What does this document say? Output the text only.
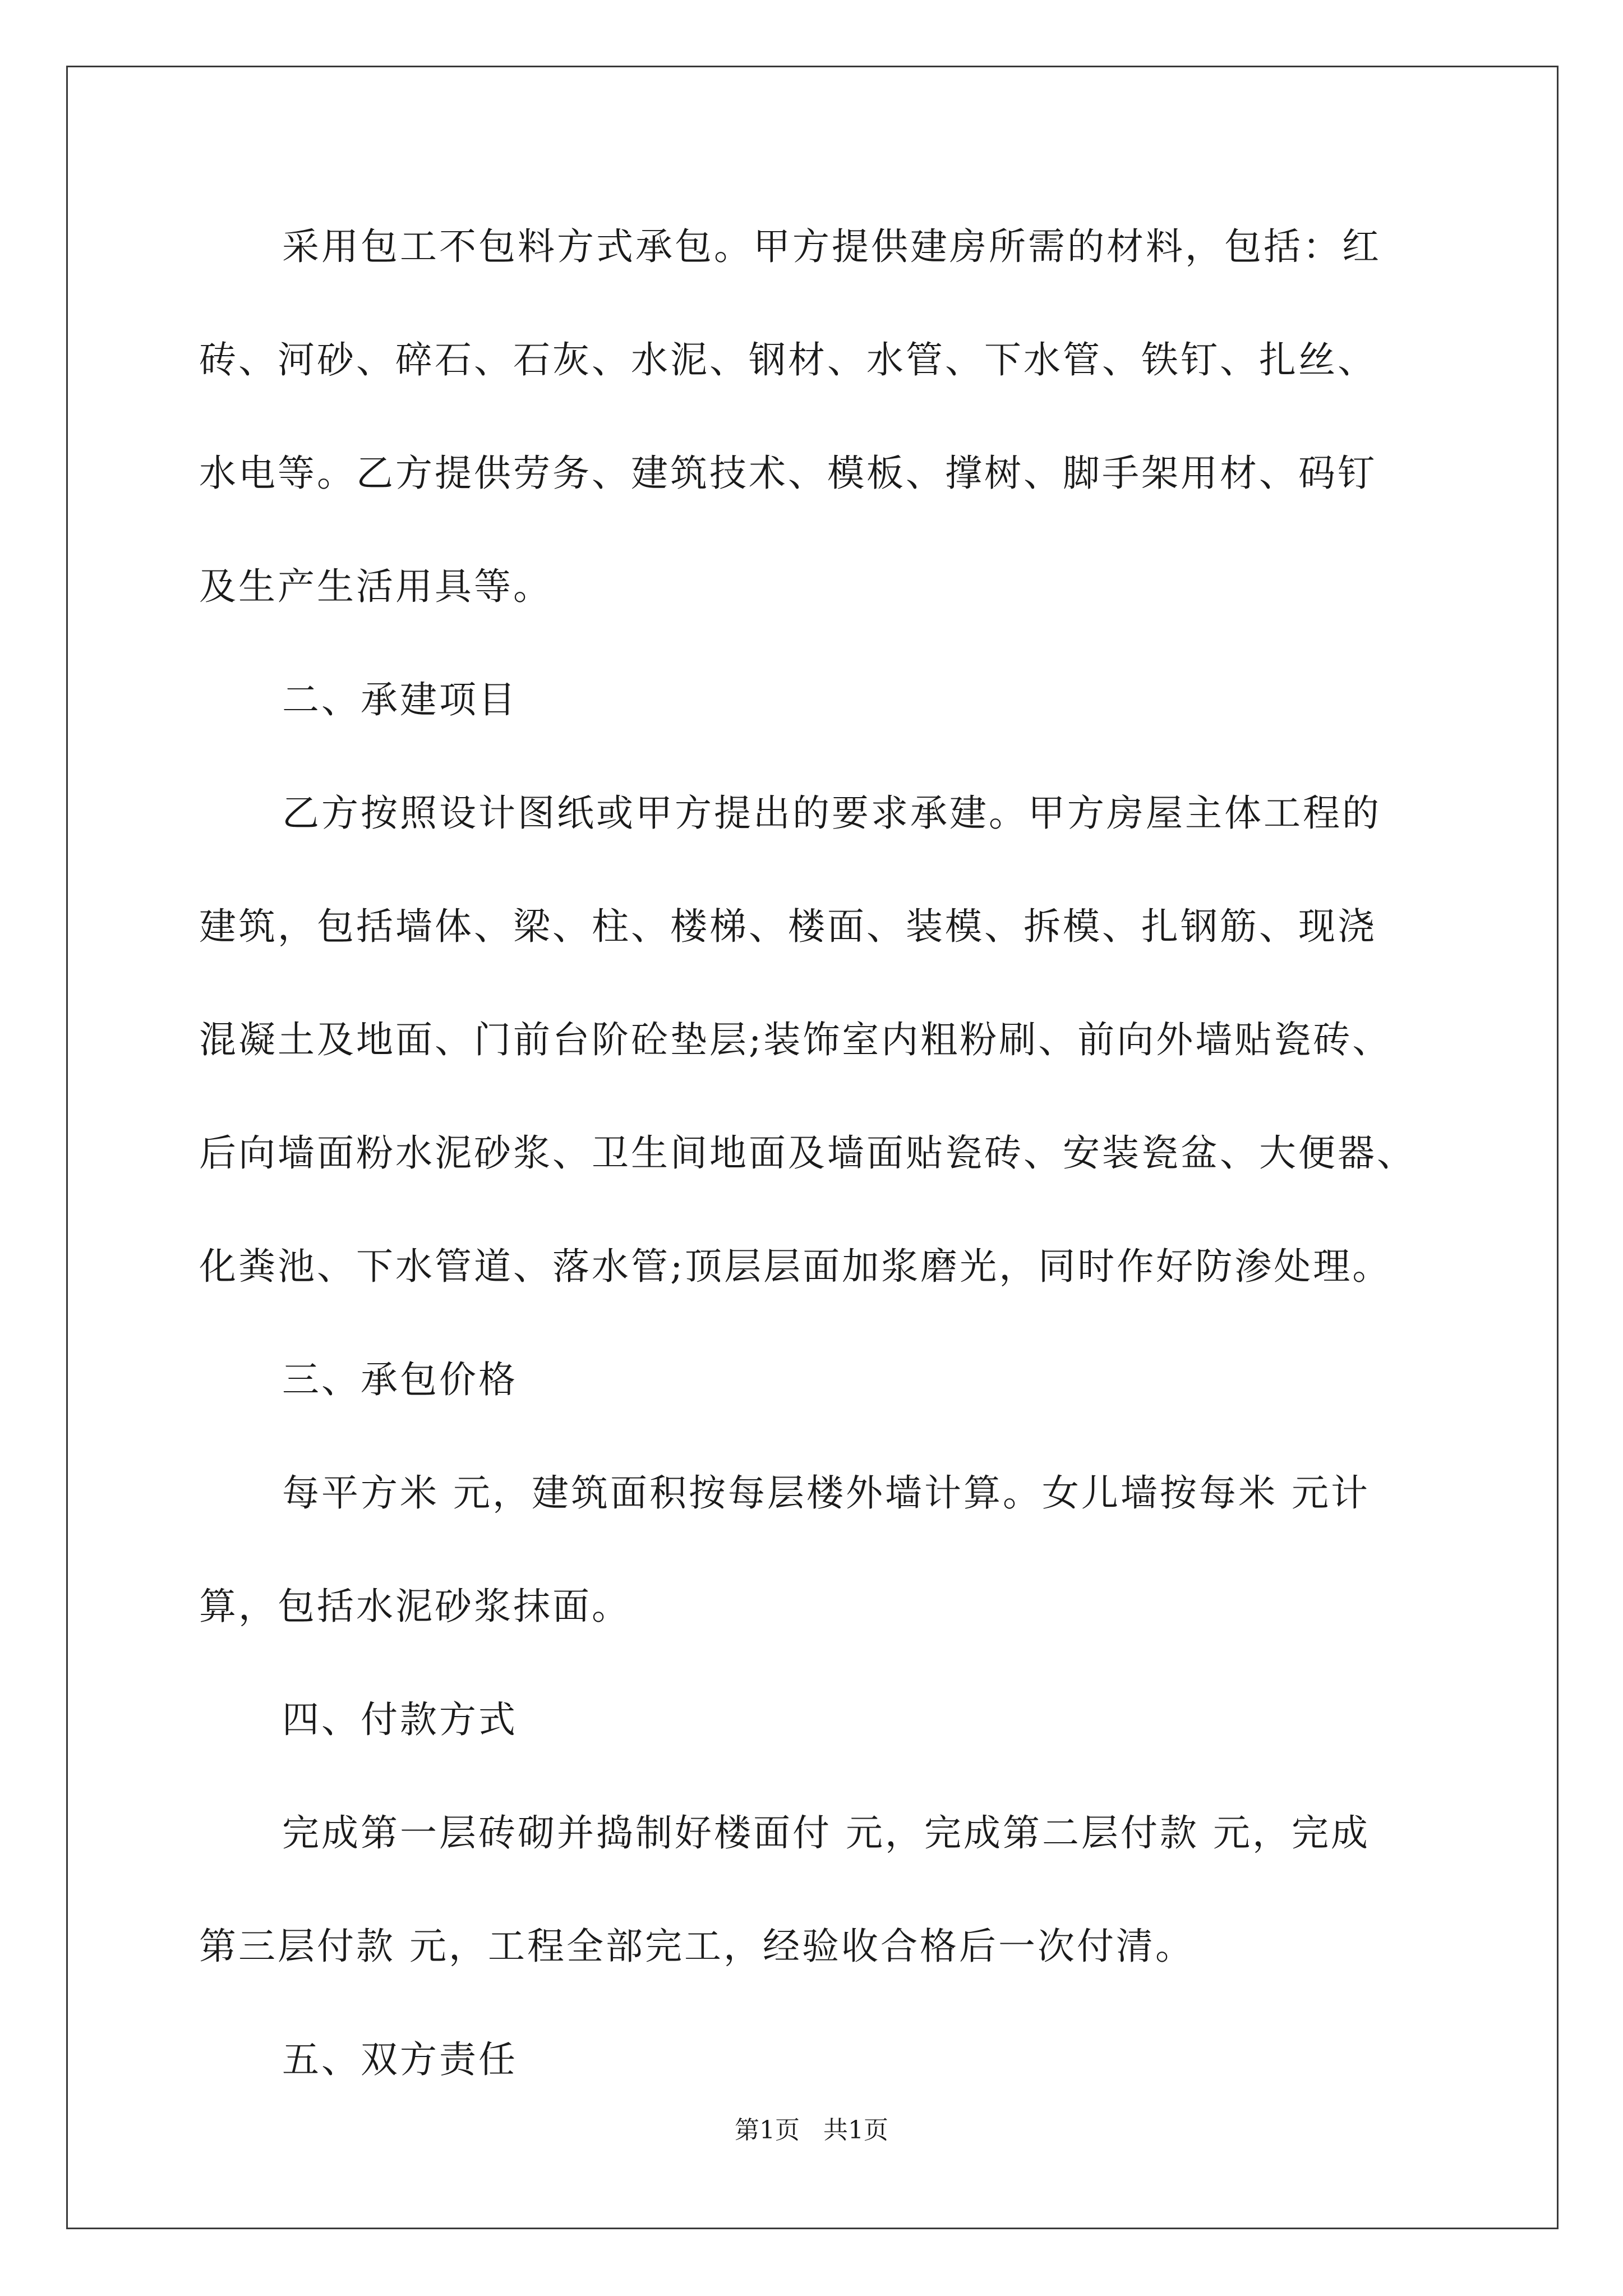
采用包工不包料方式承包。甲方提供建房所需的材料，包括：红
砖、河砂、碎石、石灰、水泥、钢材、水管、下水管、铁钉、扎丝、
水电等。乙方提供劳务、建筑技术、模板、撑树、脚手架用材、码钉
及生产生活用具等。
二、承建项目
乙方按照设计图纸或甲方提出的要求承建。甲方房屋主体工程的
建筑，包括墙体、梁、柱、楼梯、楼面、装模、拆模、扎钢筋、现浇
混凝土及地面、门前台阶砼垫层;装饰室内粗粉刷、前向外墙贴瓷砖、
后向墙面粉水泥砂浆、卫生间地面及墙面贴瓷砖、安装瓷盆、大便器、
化粪池、下水管道、落水管;顶层层面加浆磨光，同时作好防渗处理。
三、承包价格
每平方米 元，建筑面积按每层楼外墙计算。女儿墙按每米 元计
算，包括水泥砂浆抹面。
四、付款方式
完成第一层砖砌并捣制好楼面付 元，完成第二层付款 元，完成
第三层付款 元，工程全部完工，经验收合格后一次付清。
五、双方责任
第1页 共1页
